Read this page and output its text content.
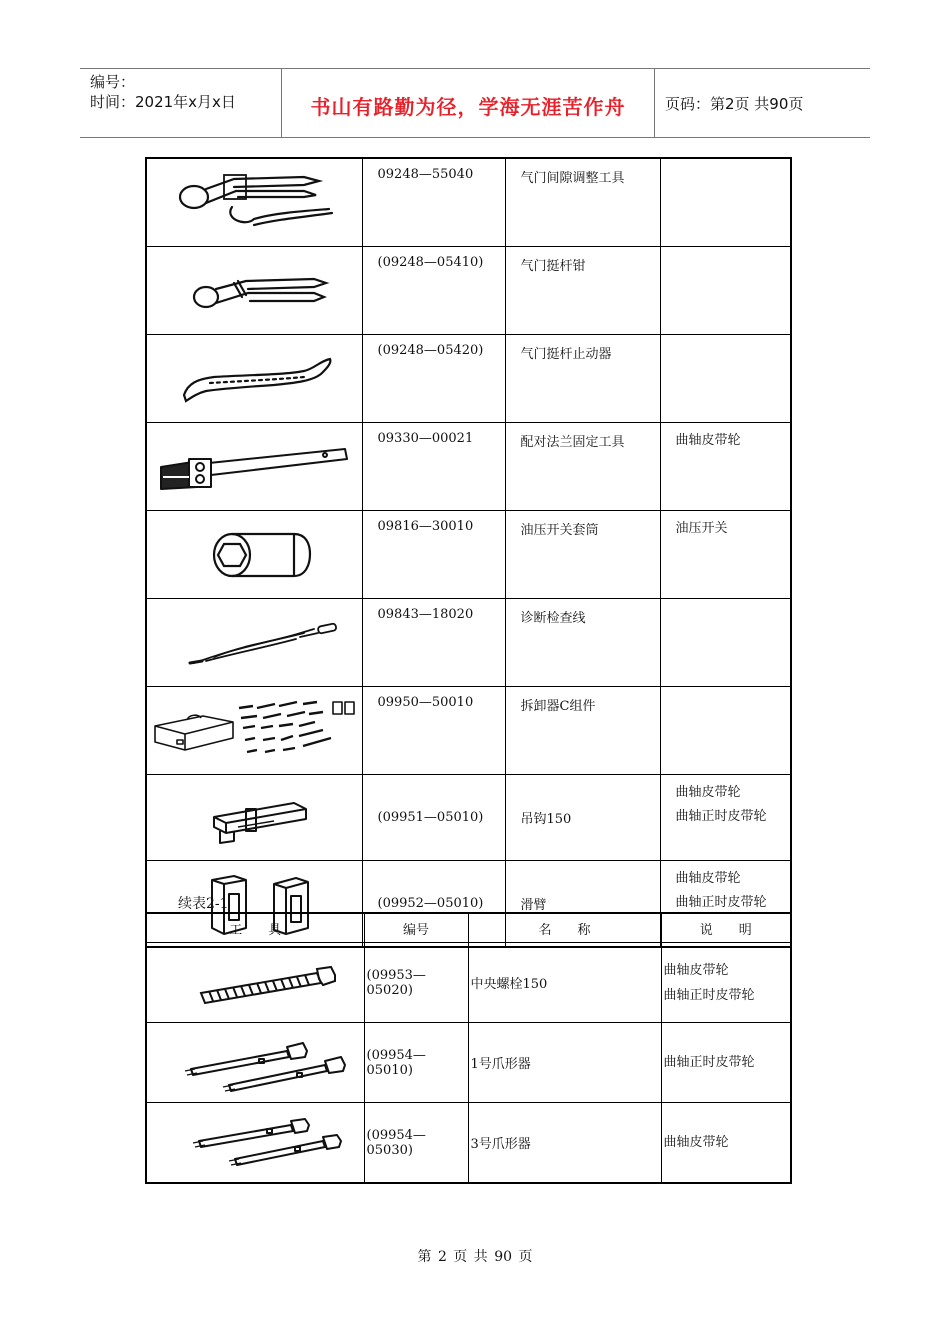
编号：
时间：2021年x月x日	书山有路勤为径，学海无涯苦作舟	页码：第2页 共90页
	09248—55040	气门间隙调整工具	

	(09248—05410)	气门挺杆钳	

	(09248—05420)	气门挺杆止动器	

	09330—00021	配对法兰固定工具	曲轴皮带轮

	09816—30010	油压开关套筒	油压开关

	09843—18020	诊断检查线	

	09950—50010	拆卸器C组件	

	(09951—05010)	吊钩150	曲轴皮带轮
曲轴正时皮带轮

	(09952—05010)	滑臂	曲轴皮带轮
曲轴正时皮带轮
续表2-1
工　　具	编号	名　　称	说　　明

	(09953—05020)	中央螺栓150	曲轴皮带轮
曲轴正时皮带轮

	(09954—05010)	1号爪形器	曲轴正时皮带轮

	(09954—05030)	3号爪形器	曲轴皮带轮
第 2 页 共 90 页
